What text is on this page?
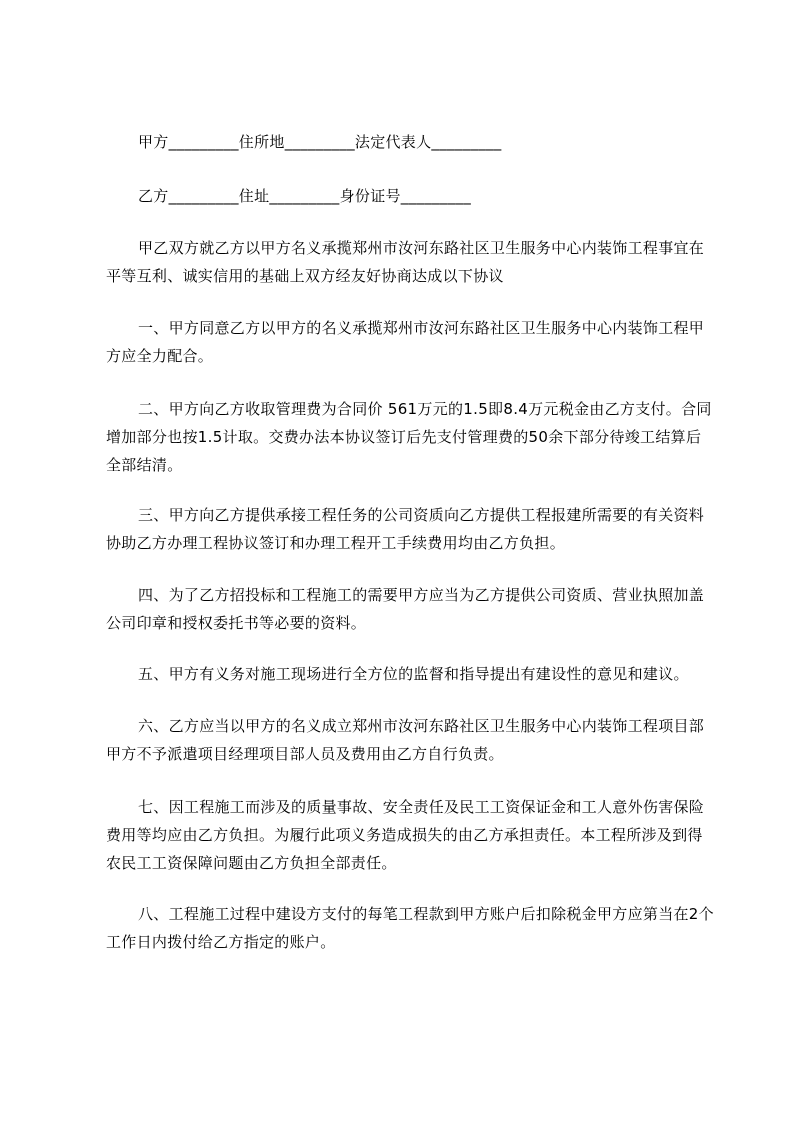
甲方_________住所地_________法定代表人_________

乙方_________住址_________身份证号_________

甲乙双方就乙方以甲方名义承揽郑州市汝河东路社区卫生服务中心内装饰工程事宜在平等互利、诚实信用的基础上双方经友好协商达成以下协议

一、甲方同意乙方以甲方的名义承揽郑州市汝河东路社区卫生服务中心内装饰工程甲方应全力配合。

二、甲方向乙方收取管理费为合同价 561万元的1.5即8.4万元税金由乙方支付。合同增加部分也按1.5计取。交费办法本协议签订后先支付管理费的50余下部分待竣工结算后全部结清。

三、甲方向乙方提供承接工程任务的公司资质向乙方提供工程报建所需要的有关资料协助乙方办理工程协议签订和办理工程开工手续费用均由乙方负担。

四、为了乙方招投标和工程施工的需要甲方应当为乙方提供公司资质、营业执照加盖公司印章和授权委托书等必要的资料。

五、甲方有义务对施工现场进行全方位的监督和指导提出有建设性的意见和建议。

六、乙方应当以甲方的名义成立郑州市汝河东路社区卫生服务中心内装饰工程项目部甲方不予派遣项目经理项目部人员及费用由乙方自行负责。

七、因工程施工而涉及的质量事故、安全责任及民工工资保证金和工人意外伤害保险费用等均应由乙方负担。为履行此项义务造成损失的由乙方承担责任。本工程所涉及到得农民工工资保障问题由乙方负担全部责任。

八、工程施工过程中建设方支付的每笔工程款到甲方账户后扣除税金甲方应第当在2个工作日内拨付给乙方指定的账户。
